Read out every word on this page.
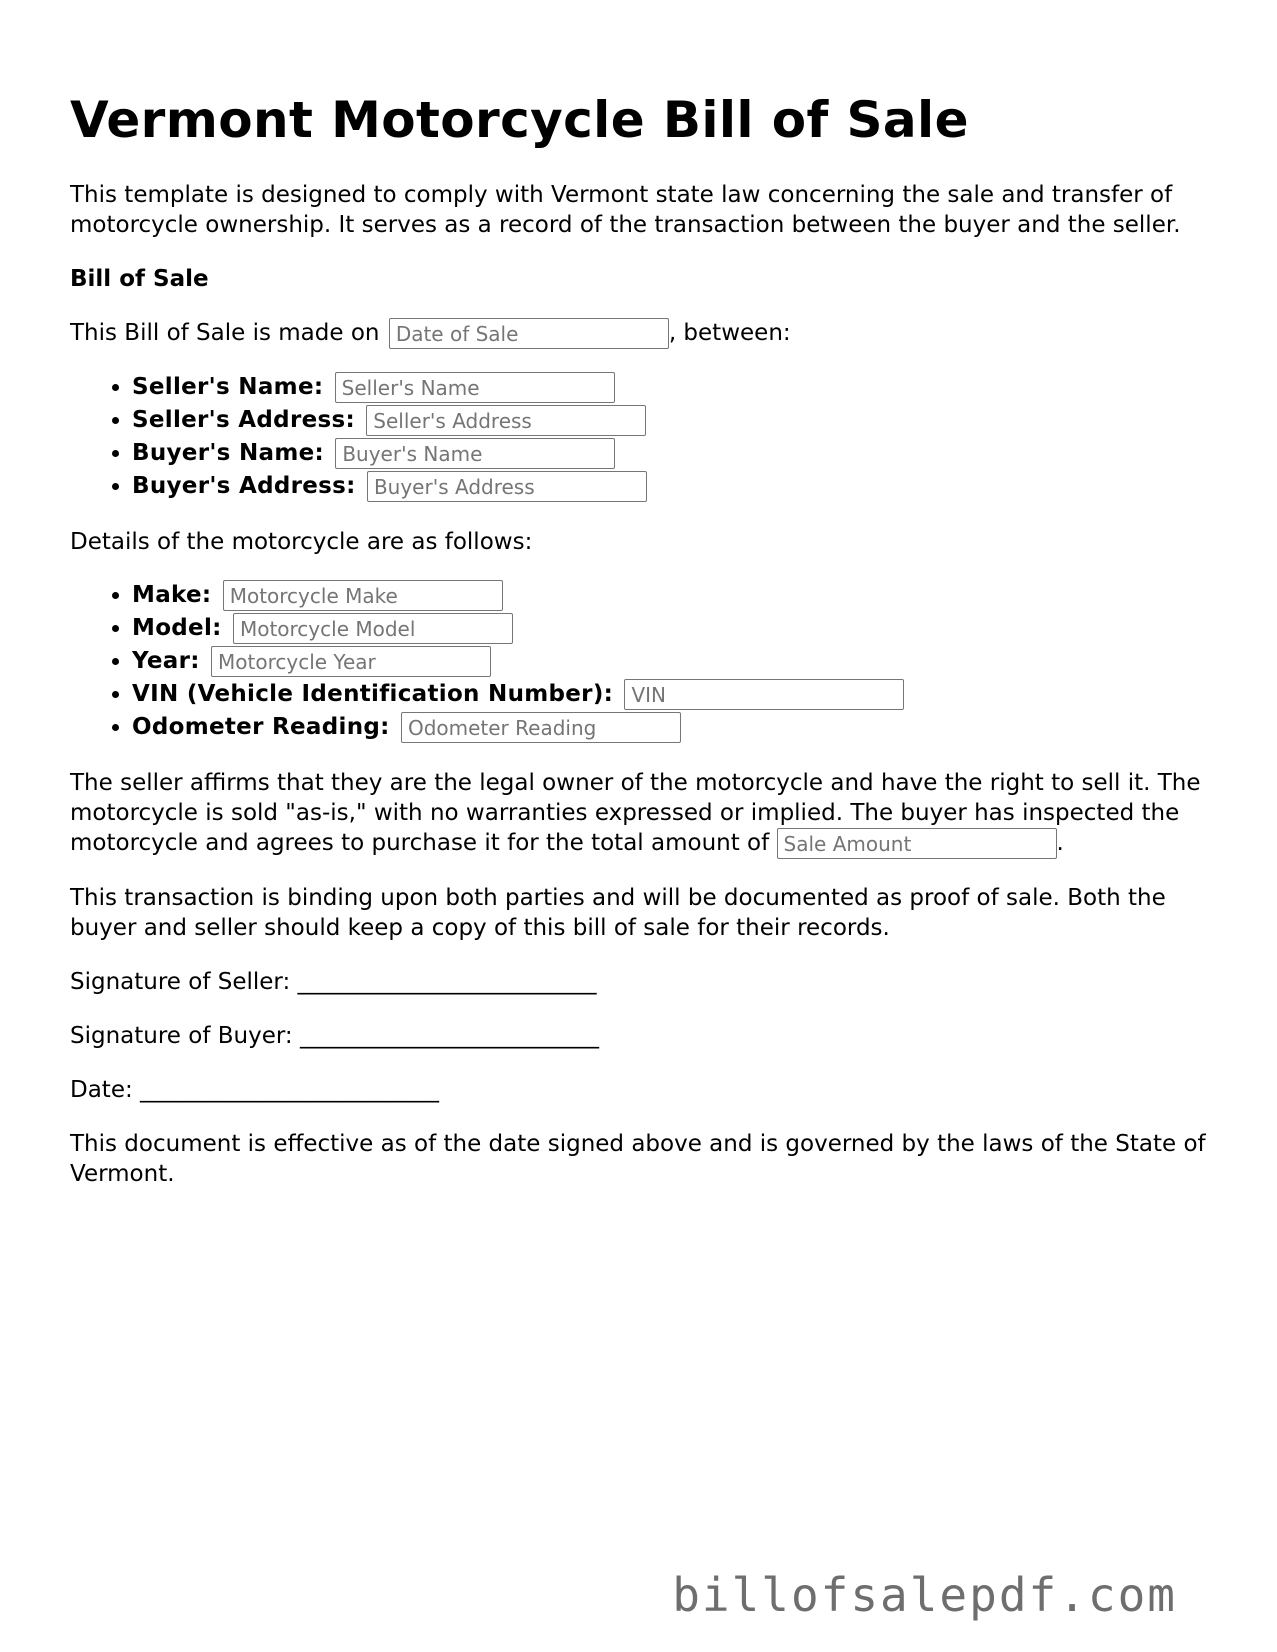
Vermont Motorcycle Bill of Sale

This template is designed to comply with Vermont state law concerning the sale and transfer of motorcycle ownership. It serves as a record of the transaction between the buyer and the seller.

Bill of Sale

This Bill of Sale is made on Date of Sale	, between:

• Seller's Name: Seller's Name
• Seller's Address: Seller's Address
• Buyer's Name: Buyer's Name
• Buyer's Address: Buyer's Address

Details of the motorcycle are as follows:

• Make: Motorcycle Make
• Model: Motorcycle Model
• Year: Motorcycle Year
• VIN (Vehicle Identification Number): VIN
• Odometer Reading: Odometer Reading

The seller affirms that they are the legal owner of the motorcycle and have the right to sell it. The motorcycle is sold "as-is," with no warranties expressed or implied. The buyer has inspected the motorcycle and agrees to purchase it for the total amount of Sale Amount	.

This transaction is binding upon both parties and will be documented as proof of sale. Both the buyer and seller should keep a copy of this bill of sale for their records.

Signature of Seller: __________________________

Signature of Buyer: __________________________

Date: __________________________

This document is effective as of the date signed above and is governed by the laws of the State of Vermont.

billofsalepdf.com
